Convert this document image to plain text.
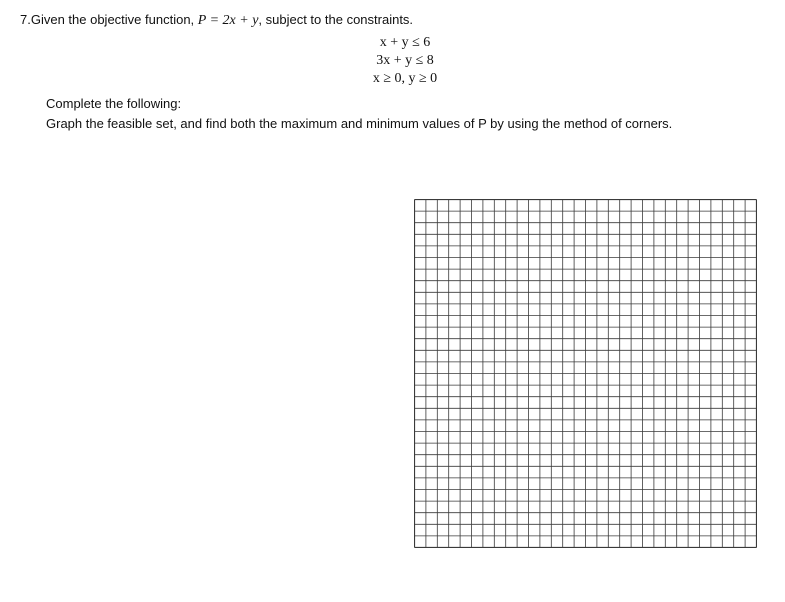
7.Given the objective function, P = 2x + y, subject to the constraints.
x + y ≤ 6
3x + y ≤ 8
x ≥ 0, y ≥ 0
Complete the following:
Graph the feasible set, and find both the maximum and minimum values of P by using the method of corners.
